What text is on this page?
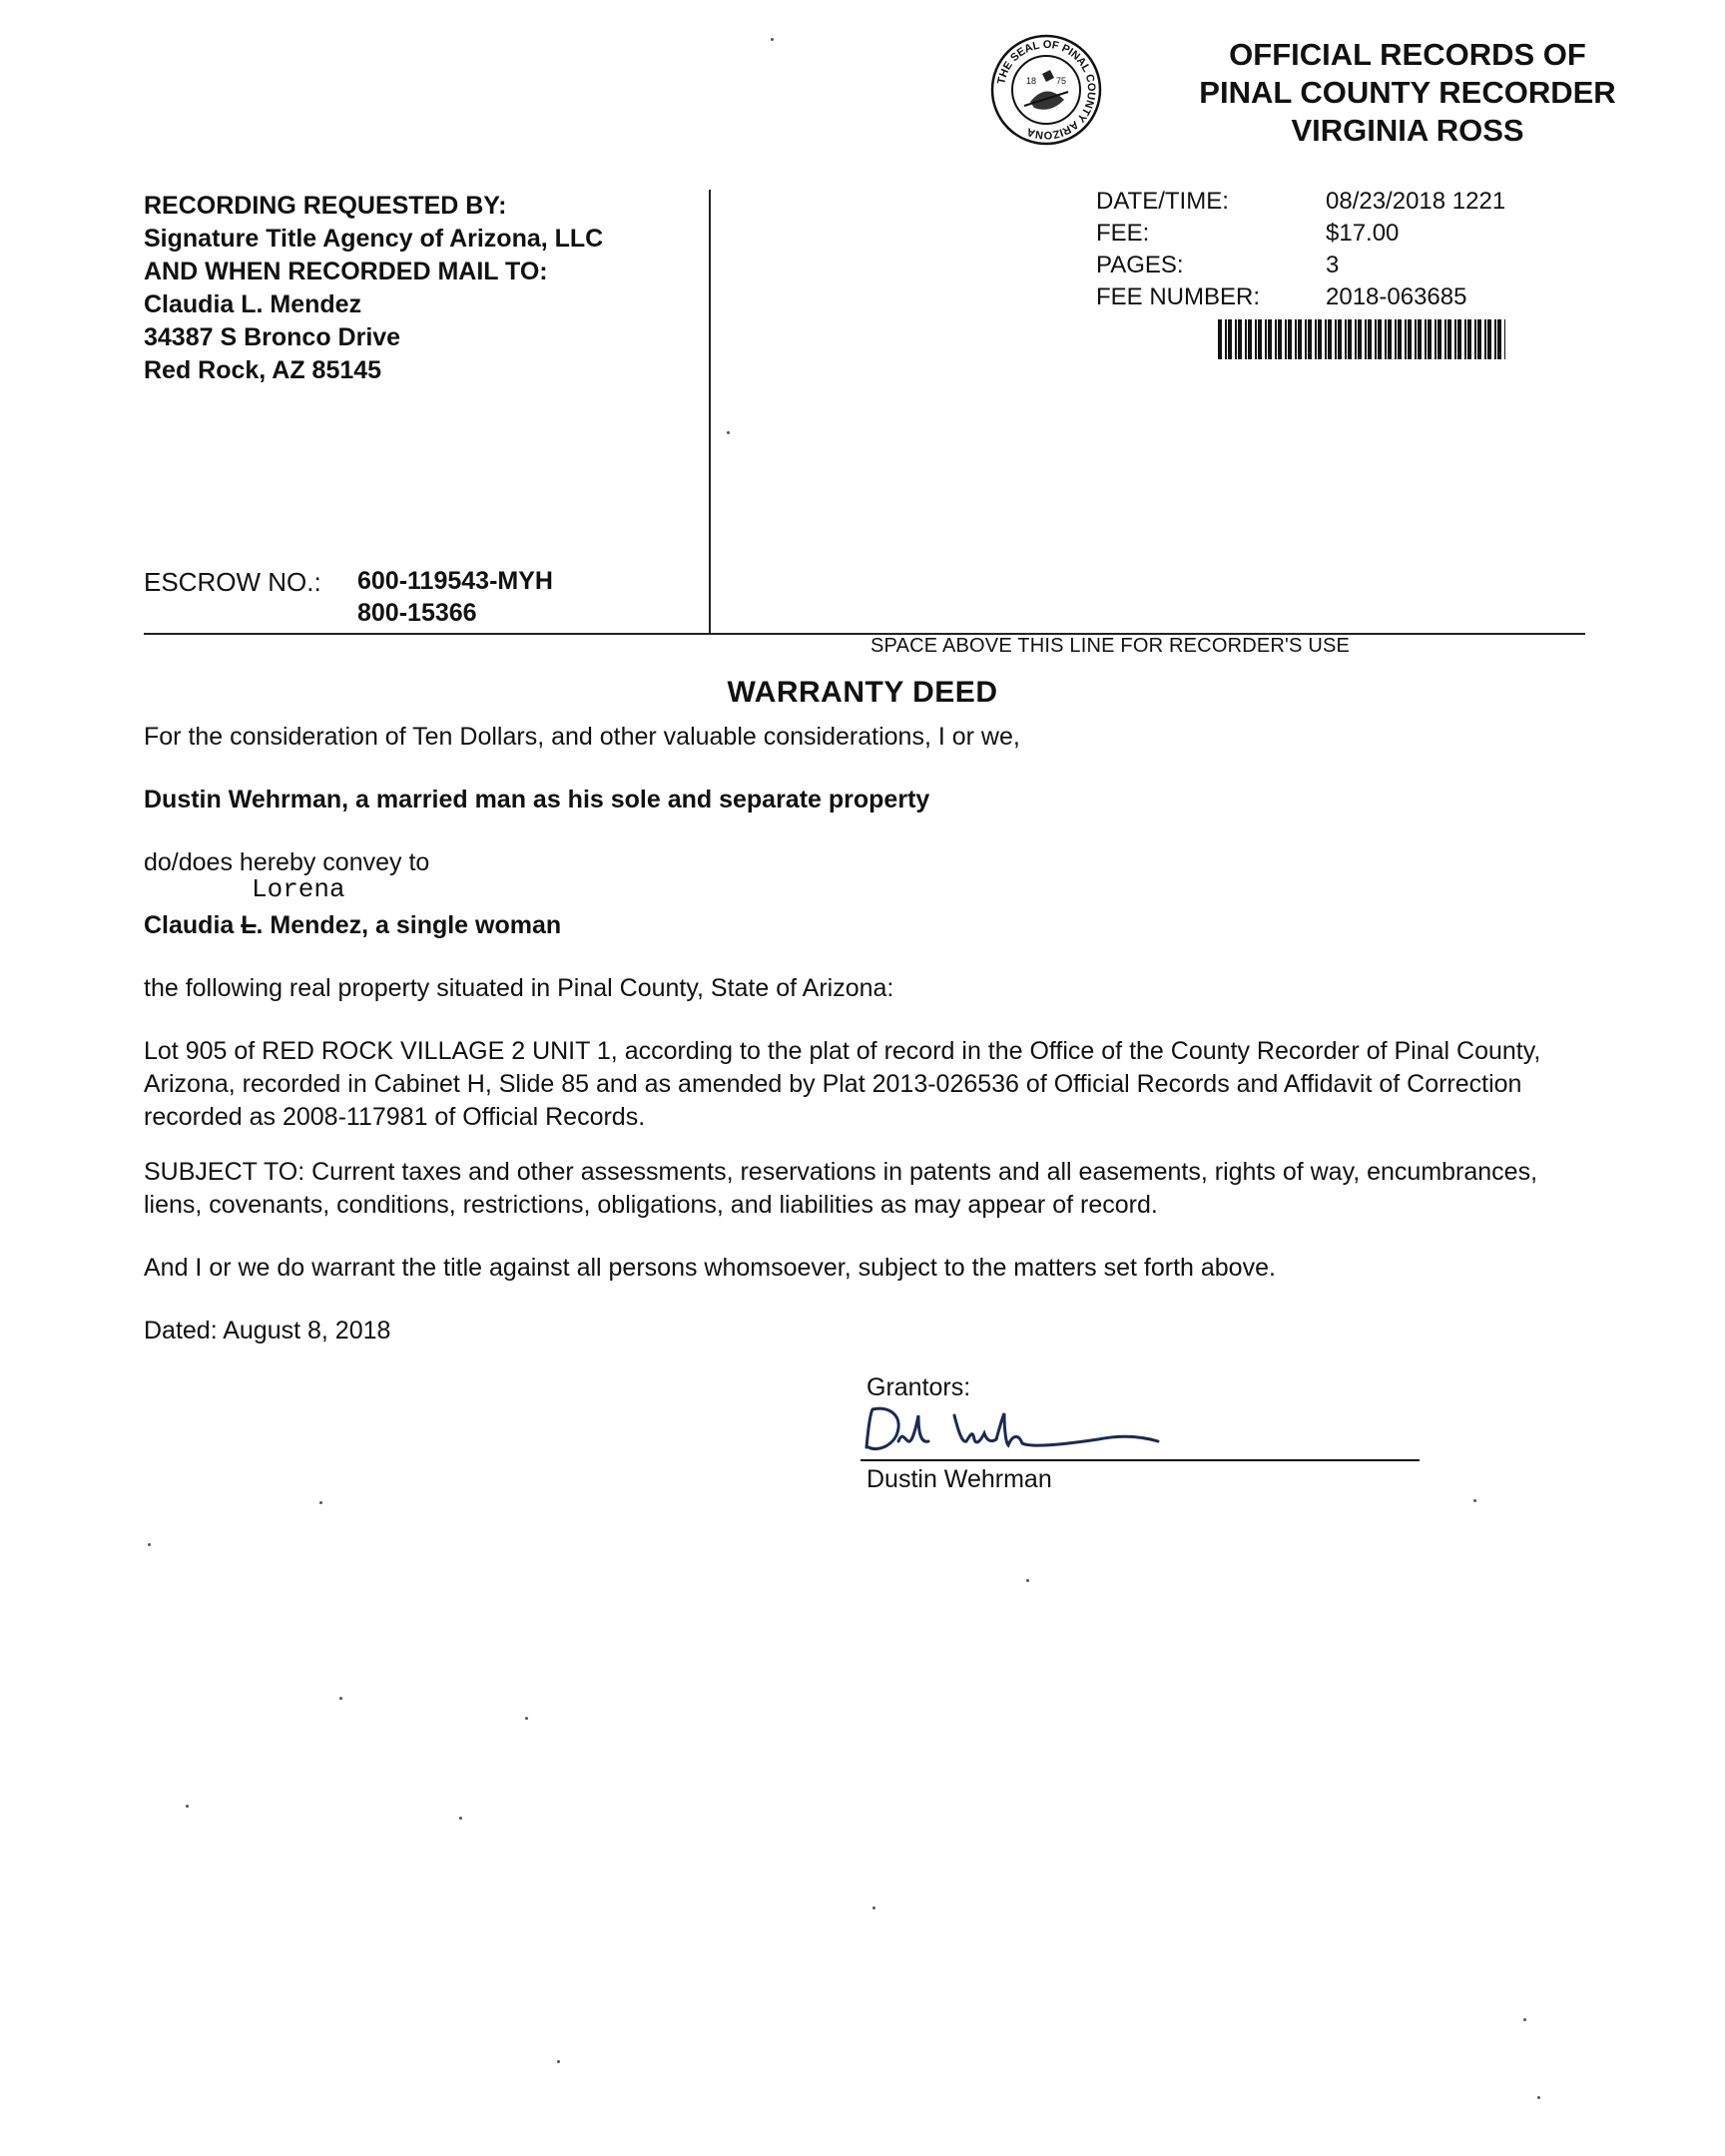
THE SEAL OF PINAL COUNTY ARIZONA
18 75
OFFICIAL RECORDS OF
PINAL COUNTY RECORDER
VIRGINIA ROSS
DATE/TIME:	08/23/2018 1221
FEE:	$17.00
PAGES:	3
FEE NUMBER:	2018-063685
RECORDING REQUESTED BY:
Signature Title Agency of Arizona, LLC
AND WHEN RECORDED MAIL TO:
Claudia L. Mendez
34387 S Bronco Drive
Red Rock, AZ 85145
ESCROW NO.: 600-119543-MYH
800-15366
SPACE ABOVE THIS LINE FOR RECORDER'S USE
WARRANTY DEED
For the consideration of Ten Dollars, and other valuable considerations, I or we,
Dustin Wehrman, a married man as his sole and separate property
do/does hereby convey to
Lorena
Claudia L. Mendez, a single woman
the following real property situated in Pinal County, State of Arizona:
Lot 905 of RED ROCK VILLAGE 2 UNIT 1, according to the plat of record in the Office of the County Recorder of Pinal County, Arizona, recorded in Cabinet H, Slide 85 and as amended by Plat 2013-026536 of Official Records and Affidavit of Correction recorded as 2008-117981 of Official Records.
SUBJECT TO: Current taxes and other assessments, reservations in patents and all easements, rights of way, encumbrances, liens, covenants, conditions, restrictions, obligations, and liabilities as may appear of record.
And I or we do warrant the title against all persons whomsoever, subject to the matters set forth above.
Dated: August 8, 2018
Grantors:
Dustin Wehrman
